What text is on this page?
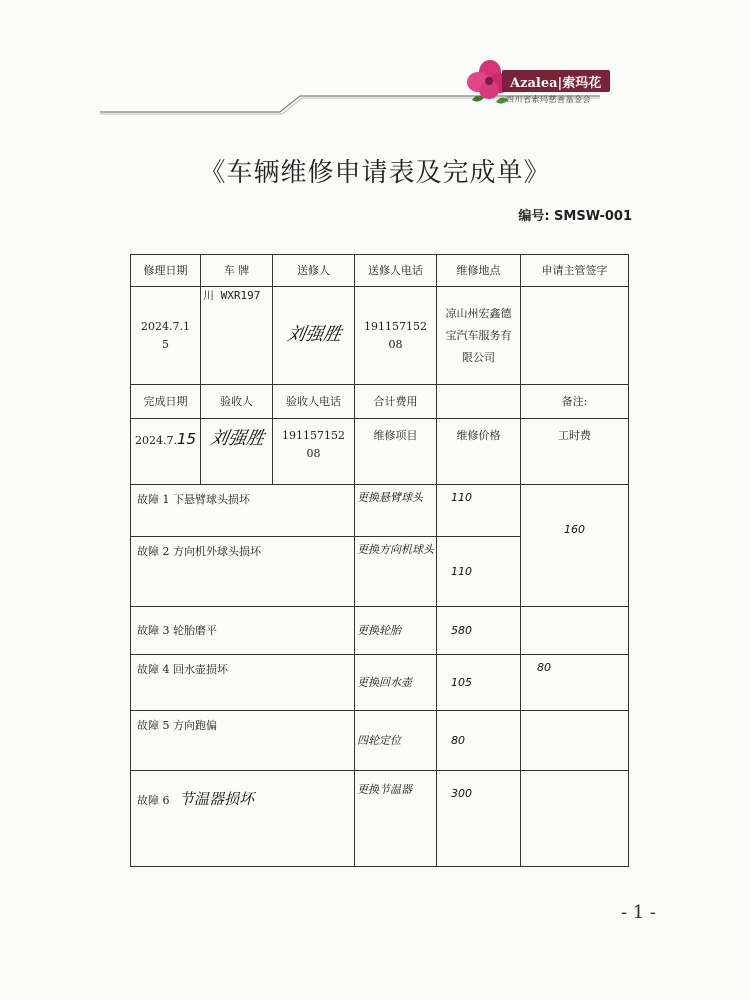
Azalea|索玛花
四川省索玛慈善基金会
《车辆维修申请表及完成单》
编号: SMSW-001
修理日期	车 牌	送修人	送修人电话	维修地点	申请主管签字
2024.7.15	川 WXR197	刘强胜	19115715208	凉山州宏鑫德宝汽车服务有限公司	
完成日期	验收人	验收人电话	合计费用		备注:
2024.7.15	刘强胜	19115715208	维修项目	维修价格	工时费
故障 1 下悬臂球头损坏			更换悬臂球头	110	160
故障 2 方向机外球头损坏			更换方向机球头	110	
故障 3 轮胎磨平			更换轮胎	580	
故障 4 回水壶损坏			更换回水壶	105	80
故障 5 方向跑偏			四轮定位	80	
故障 6 节温器损坏			更换节温器	300	
- 1 -
